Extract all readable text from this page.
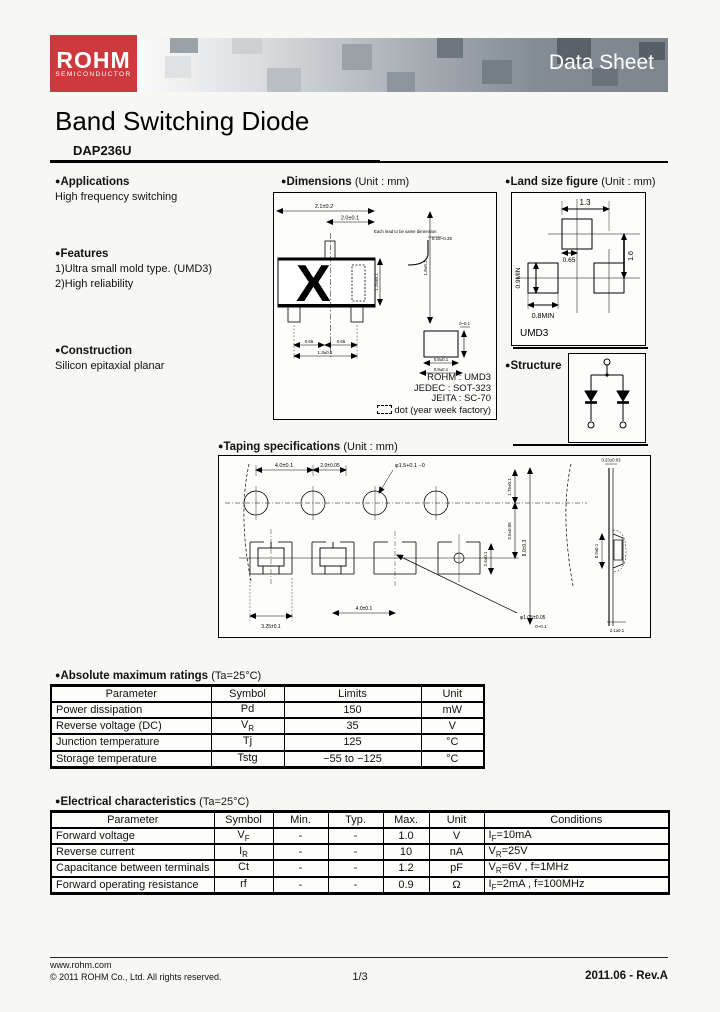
ROHM
SEMICONDUCTOR	Data Sheet
Band Switching Diode
DAP236U
●Applications
High frequency switching
●Features
1)Ultra small mold type. (UMD3)
2)High reliability
●Construction
Silicon epitaxial planar
●Dimensions (Unit : mm)
X
2.1±0.2
2.0±0.1
Each lead to be same dimension
0.15~0.30
1.25±0.1
1.8±0.1
0.65	0.65
1.3±0.1
0~0.1
0.8±0.1
0.9±0.1
ROHM : UMD3
JEDEC : SOT-323
JEITA : SC-70
dot (year week factory)
●Land size figure (Unit : mm)
1.3
0.65	1.6
0.9MIN
0.8MIN
UMD3
●Structure
●Taping specifications (Unit : mm)
4.0±0.1	2.0±0.05	φ1.5+0.1 −0
1.75±0.1
3.5±0.05
2.4±0.1
8.0±0.3
3.25±0.1
4.0±0.1
φ1.05±0.05
0~0.1
0.23±0.03
0.9±0.1
2.1±0.1
●Absolute maximum ratings (Ta=25°C)
Parameter	Symbol	Limits	Unit
Power dissipation	Pd	150	mW
Reverse voltage (DC)	$V_R$	35	V
Junction temperature	Tj	125	°C
Storage temperature	Tstg	−55 to −125	°C
●Electrical characteristics (Ta=25°C)
Parameter	Symbol	Min.	Typ.	Max.	Unit	Conditions
Forward voltage	$V_F$	-	-	1.0	V	$I_F=10mA$
Reverse current	$I_R$	-	-	10	nA	$V_R=25V$
Capacitance between terminals	Ct	-	-	1.2	pF	$V_R=6V$ , f=1MHz
Forward operating resistance	rf	-	-	0.9	Ω	$I_F=2mA$ , f=100MHz
www.rohm.com
© 2011 ROHM Co., Ltd. All rights reserved.	1/3	2011.06 - Rev.A
